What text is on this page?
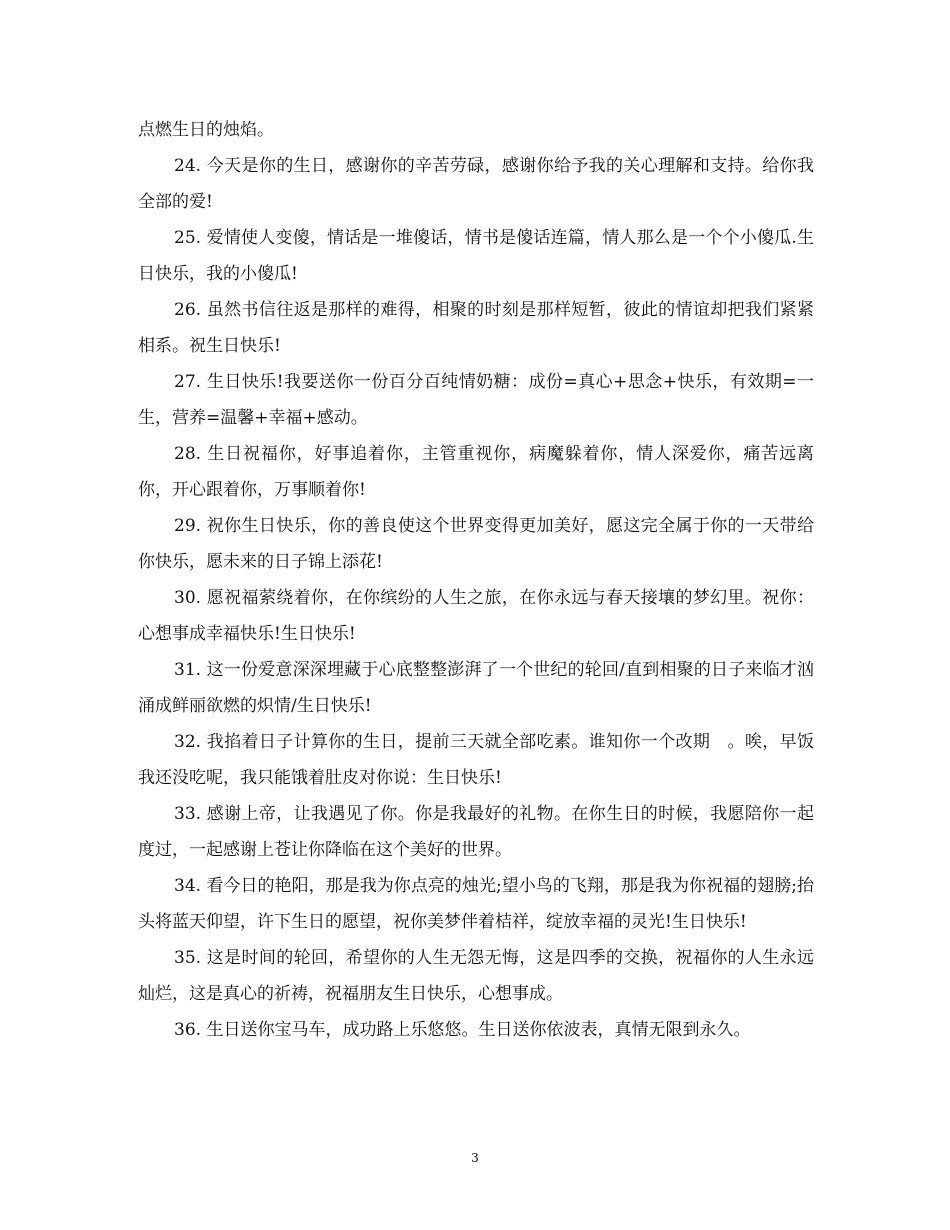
点燃生日的烛焰。

24. 今天是你的生日，感谢你的辛苦劳碌，感谢你给予我的关心理解和支持。给你我全部的爱!

25. 爱情使人变傻，情话是一堆傻话，情书是傻话连篇，情人那么是一个个小傻瓜.生日快乐，我的小傻瓜!

26. 虽然书信往返是那样的难得，相聚的时刻是那样短暂，彼此的情谊却把我们紧紧相系。祝生日快乐!

27. 生日快乐!我要送你一份百分百纯情奶糖：成份=真心+思念+快乐，有效期=一生，营养=温馨+幸福+感动。

28. 生日祝福你，好事追着你，主管重视你，病魔躲着你，情人深爱你，痛苦远离你，开心跟着你，万事顺着你!

29. 祝你生日快乐，你的善良使这个世界变得更加美好，愿这完全属于你的一天带给你快乐，愿未来的日子锦上添花!

30. 愿祝福萦绕着你，在你缤纷的人生之旅，在你永远与春天接壤的梦幻里。祝你：心想事成幸福快乐!生日快乐!

31. 这一份爱意深深埋藏于心底整整澎湃了一个世纪的轮回/直到相聚的日子来临才汹涌成鲜丽欲燃的炽情/生日快乐!

32. 我掐着日子计算你的生日，提前三天就全部吃素。谁知你一个改期　。唉，早饭我还没吃呢，我只能饿着肚皮对你说：生日快乐!

33. 感谢上帝，让我遇见了你。你是我最好的礼物。在你生日的时候，我愿陪你一起度过，一起感谢上苍让你降临在这个美好的世界。

34. 看今日的艳阳，那是我为你点亮的烛光;望小鸟的飞翔，那是我为你祝福的翅膀;抬头将蓝天仰望，许下生日的愿望，祝你美梦伴着桔祥，绽放幸福的灵光!生日快乐!

35. 这是时间的轮回，希望你的人生无怨无悔，这是四季的交换，祝福你的人生永远灿烂，这是真心的祈祷，祝福朋友生日快乐，心想事成。

36. 生日送你宝马车，成功路上乐悠悠。生日送你依波表，真情无限到永久。

3
